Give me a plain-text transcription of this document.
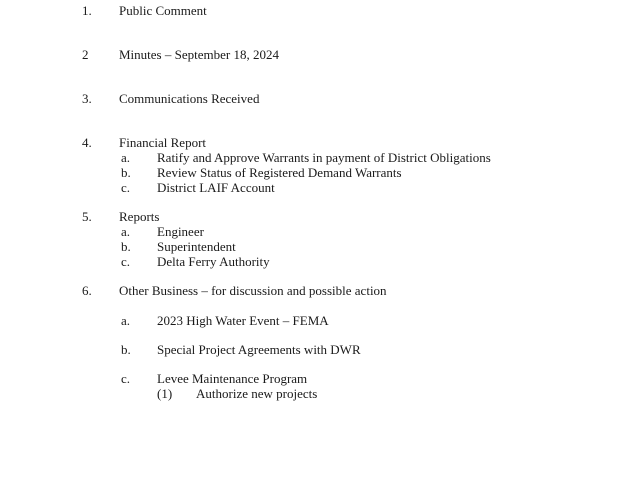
1. Public Comment
2 Minutes – September 18, 2024
3. Communications Received
4. Financial Report
a. Ratify and Approve Warrants in payment of District Obligations
b. Review Status of Registered Demand Warrants
c. District LAIF Account
5. Reports
a. Engineer
b. Superintendent
c. Delta Ferry Authority
6. Other Business – for discussion and possible action
a. 2023 High Water Event – FEMA
b. Special Project Agreements with DWR
c. Levee Maintenance Program
(1) Authorize new projects
